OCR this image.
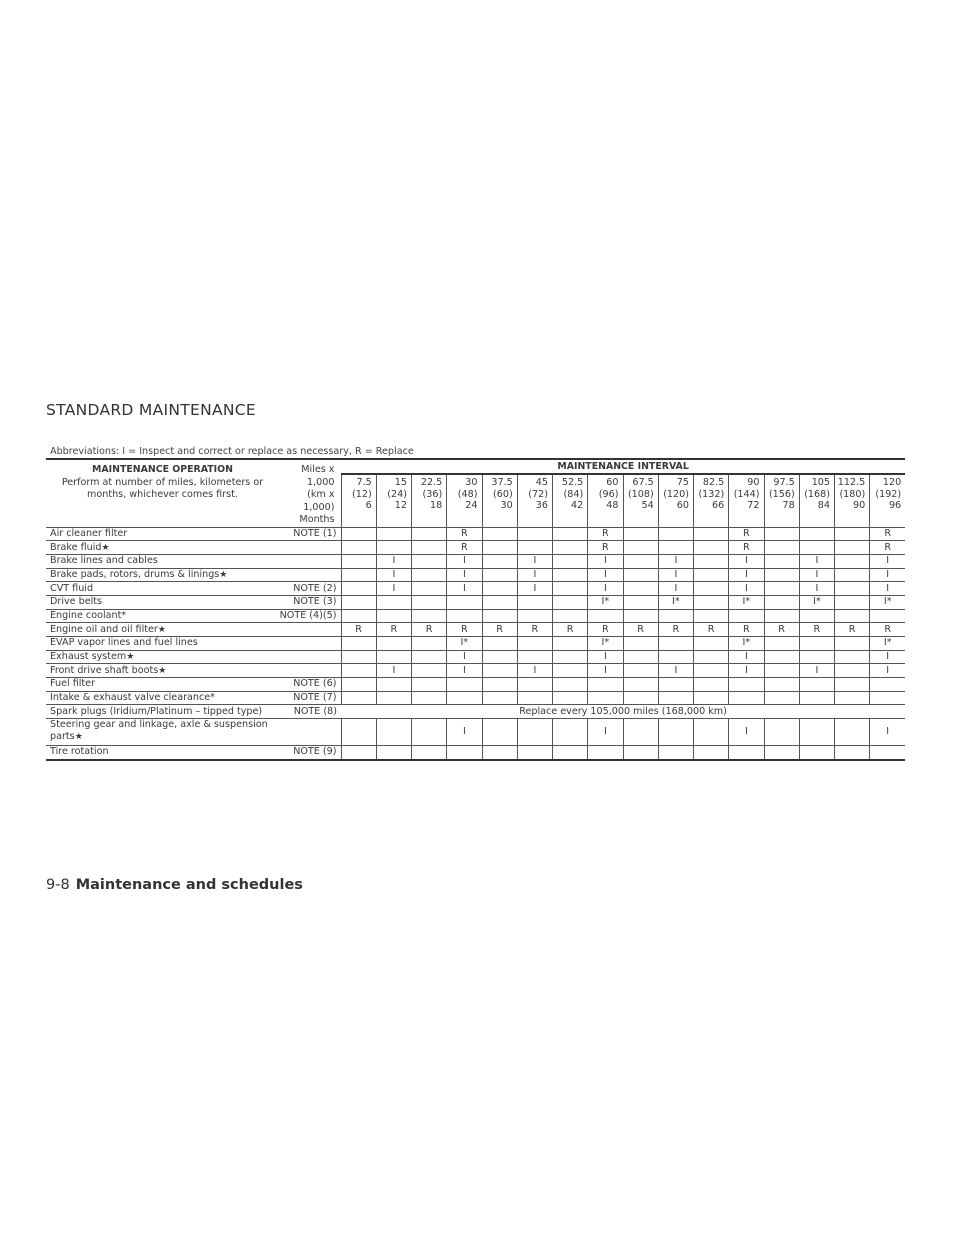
STANDARD MAINTENANCE
Abbreviations: I = Inspect and correct or replace as necessary, R = Replace
MAINTENANCE OPERATION
Perform at number of miles, kilometers or months, whichever comes first.	Miles x 1,000
(km x 1,000)
Months	MAINTENANCE INTERVAL															

		7.5
(12)
6	15
(24)
12	22.5
(36)
18	30
(48)
24	37.5
(60)
30	45
(72)
36	52.5
(84)
42	60
(96)
48	67.5
(108)
54	75
(120)
60	82.5
(132)
66	90
(144)
72	97.5
(156)
78	105
(168)
84	112.5
(180)
90	120
(192)
96

Air cleaner filter	NOTE (1)				R				R				R				R
Brake fluid★					R				R				R				R
Brake lines and cables			I		I		I		I		I		I		I		I
Brake pads, rotors, drums & linings★			I		I		I		I		I		I		I		I
CVT fluid	NOTE (2)		I		I		I		I		I		I		I		I
Drive belts	NOTE (3)								I*		I*		I*		I*		I*
Engine coolant*	NOTE (4)(5)																
Engine oil and oil filter★		R	R	R	R	R	R	R	R	R	R	R	R	R	R	R	R
EVAP vapor lines and fuel lines					I*				I*				I*				I*
Exhaust system★					I				I				I				I
Front drive shaft boots★			I		I		I		I		I		I		I		I
Fuel filter	NOTE (6)																
Intake & exhaust valve clearance*	NOTE (7)																
Spark plugs (Iridium/Platinum – tipped type)	NOTE (8)	Replace every 105,000 miles (168,000 km)															
Steering gear and linkage, axle & suspension parts★					I				I				I				I
Tire rotation	NOTE (9)																
9-8 Maintenance and schedules
